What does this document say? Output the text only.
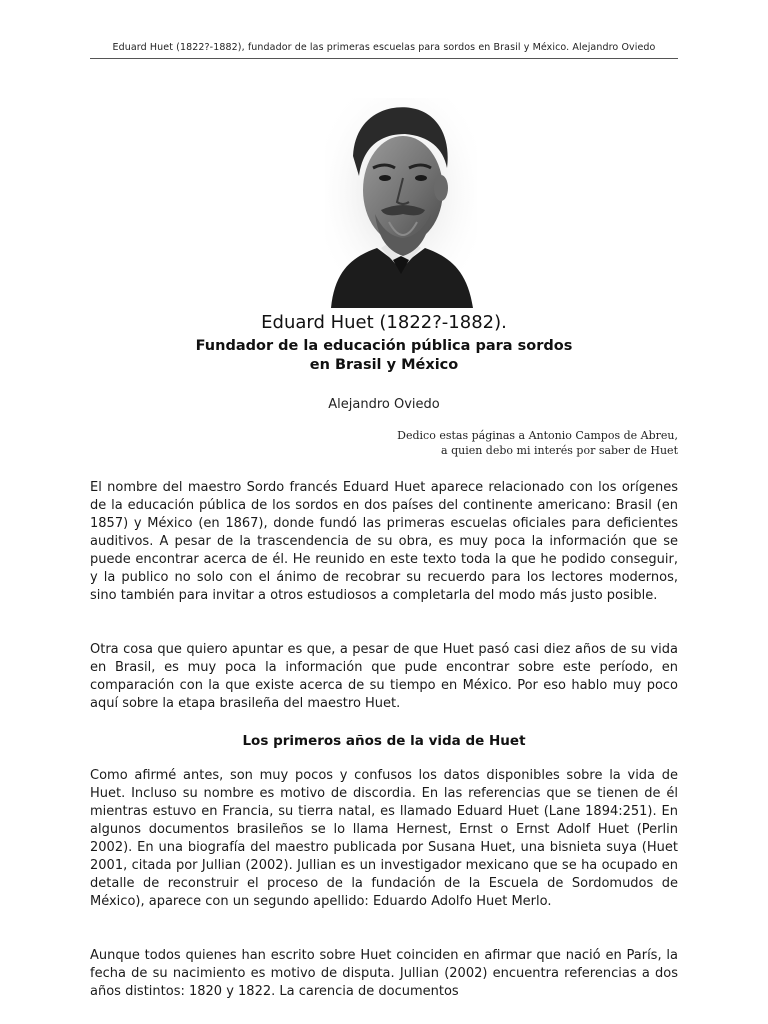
Eduard Huet (1822?-1882), fundador de las primeras escuelas para sordos en Brasil y México. Alejandro Oviedo
Eduard Huet (1822?-1882).
Fundador de la educación pública para sordos
en Brasil y México
Alejandro Oviedo
Dedico estas páginas a Antonio Campos de Abreu,
a quien debo mi interés por saber de Huet

El nombre del maestro Sordo francés Eduard Huet aparece relacionado con los orígenes de la educación pública de los sordos en dos países del continente americano: Brasil (en 1857) y México (en 1867), donde fundó las primeras escuelas oficiales para deficientes auditivos. A pesar de la trascendencia de su obra, es muy poca la información que se puede encontrar acerca de él. He reunido en este texto toda la que he podido conseguir, y la publico no solo con el ánimo de recobrar su recuerdo para los lectores modernos, sino también para invitar a otros estudiosos a completarla del modo más justo posible.

Otra cosa que quiero apuntar es que, a pesar de que Huet pasó casi diez años de su vida en Brasil, es muy poca la información que pude encontrar sobre este período, en comparación con la que existe acerca de su tiempo en México. Por eso hablo muy poco aquí sobre la etapa brasileña del maestro Huet.

Los primeros años de la vida de Huet

Como afirmé antes, son muy pocos y confusos los datos disponibles sobre la vida de Huet. Incluso su nombre es motivo de discordia. En las referencias que se tienen de él mientras estuvo en Francia, su tierra natal, es llamado Eduard Huet (Lane 1894:251). En algunos documentos brasileños se lo llama Hernest, Ernst o Ernst Adolf Huet (Perlin 2002). En una biografía del maestro publicada por Susana Huet, una bisnieta suya (Huet 2001, citada por Jullian (2002). Jullian es un investigador mexicano que se ha ocupado en detalle de reconstruir el proceso de la fundación de la Escuela de Sordomudos de México), aparece con un segundo apellido: Eduardo Adolfo Huet Merlo.

Aunque todos quienes han escrito sobre Huet coinciden en afirmar que nació en París, la fecha de su nacimiento es motivo de disputa. Jullian (2002) encuentra referencias a dos años distintos: 1820 y 1822. La carencia de documentos
